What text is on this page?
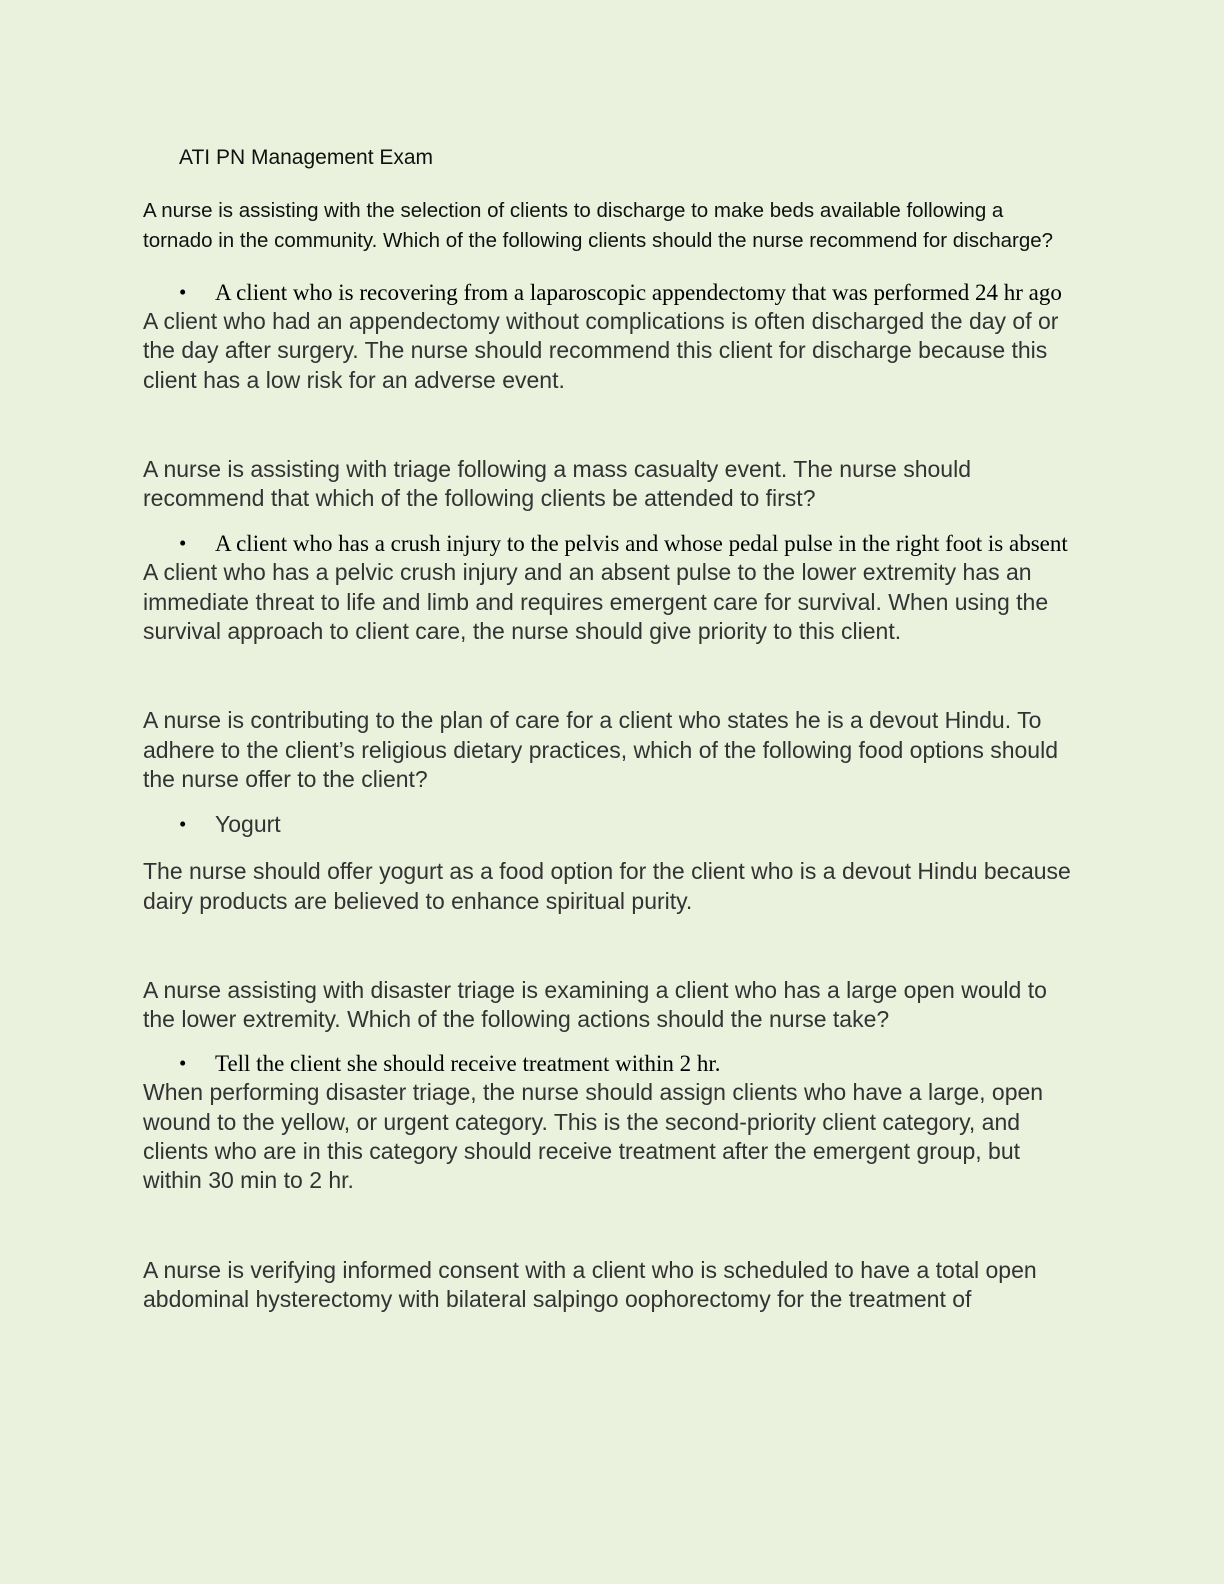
ATI PN Management Exam

A nurse is assisting with the selection of clients to discharge to make beds available following a tornado in the community. Which of the following clients should the nurse recommend for discharge?

•	A client who is recovering from a laparoscopic appendectomy that was performed 24 hr ago

A client who had an appendectomy without complications is often discharged the day of or the day after surgery. The nurse should recommend this client for discharge because this client has a low risk for an adverse event.

A nurse is assisting with triage following a mass casualty event. The nurse should recommend that which of the following clients be attended to first?

•	A client who has a crush injury to the pelvis and whose pedal pulse in the right foot is absent

A client who has a pelvic crush injury and an absent pulse to the lower extremity has an immediate threat to life and limb and requires emergent care for survival. When using the survival approach to client care, the nurse should give priority to this client.

A nurse is contributing to the plan of care for a client who states he is a devout Hindu. To adhere to the client’s religious dietary practices, which of the following food options should the nurse offer to the client?

•	Yogurt

The nurse should offer yogurt as a food option for the client who is a devout Hindu because dairy products are believed to enhance spiritual purity.

A nurse assisting with disaster triage is examining a client who has a large open would to the lower extremity. Which of the following actions should the nurse take?

•	Tell the client she should receive treatment within 2 hr.

When performing disaster triage, the nurse should assign clients who have a large, open wound to the yellow, or urgent category. This is the second-priority client category, and clients who are in this category should receive treatment after the emergent group, but within 30 min to 2 hr.

A nurse is verifying informed consent with a client who is scheduled to have a total open abdominal hysterectomy with bilateral salpingo oophorectomy for the treatment of
